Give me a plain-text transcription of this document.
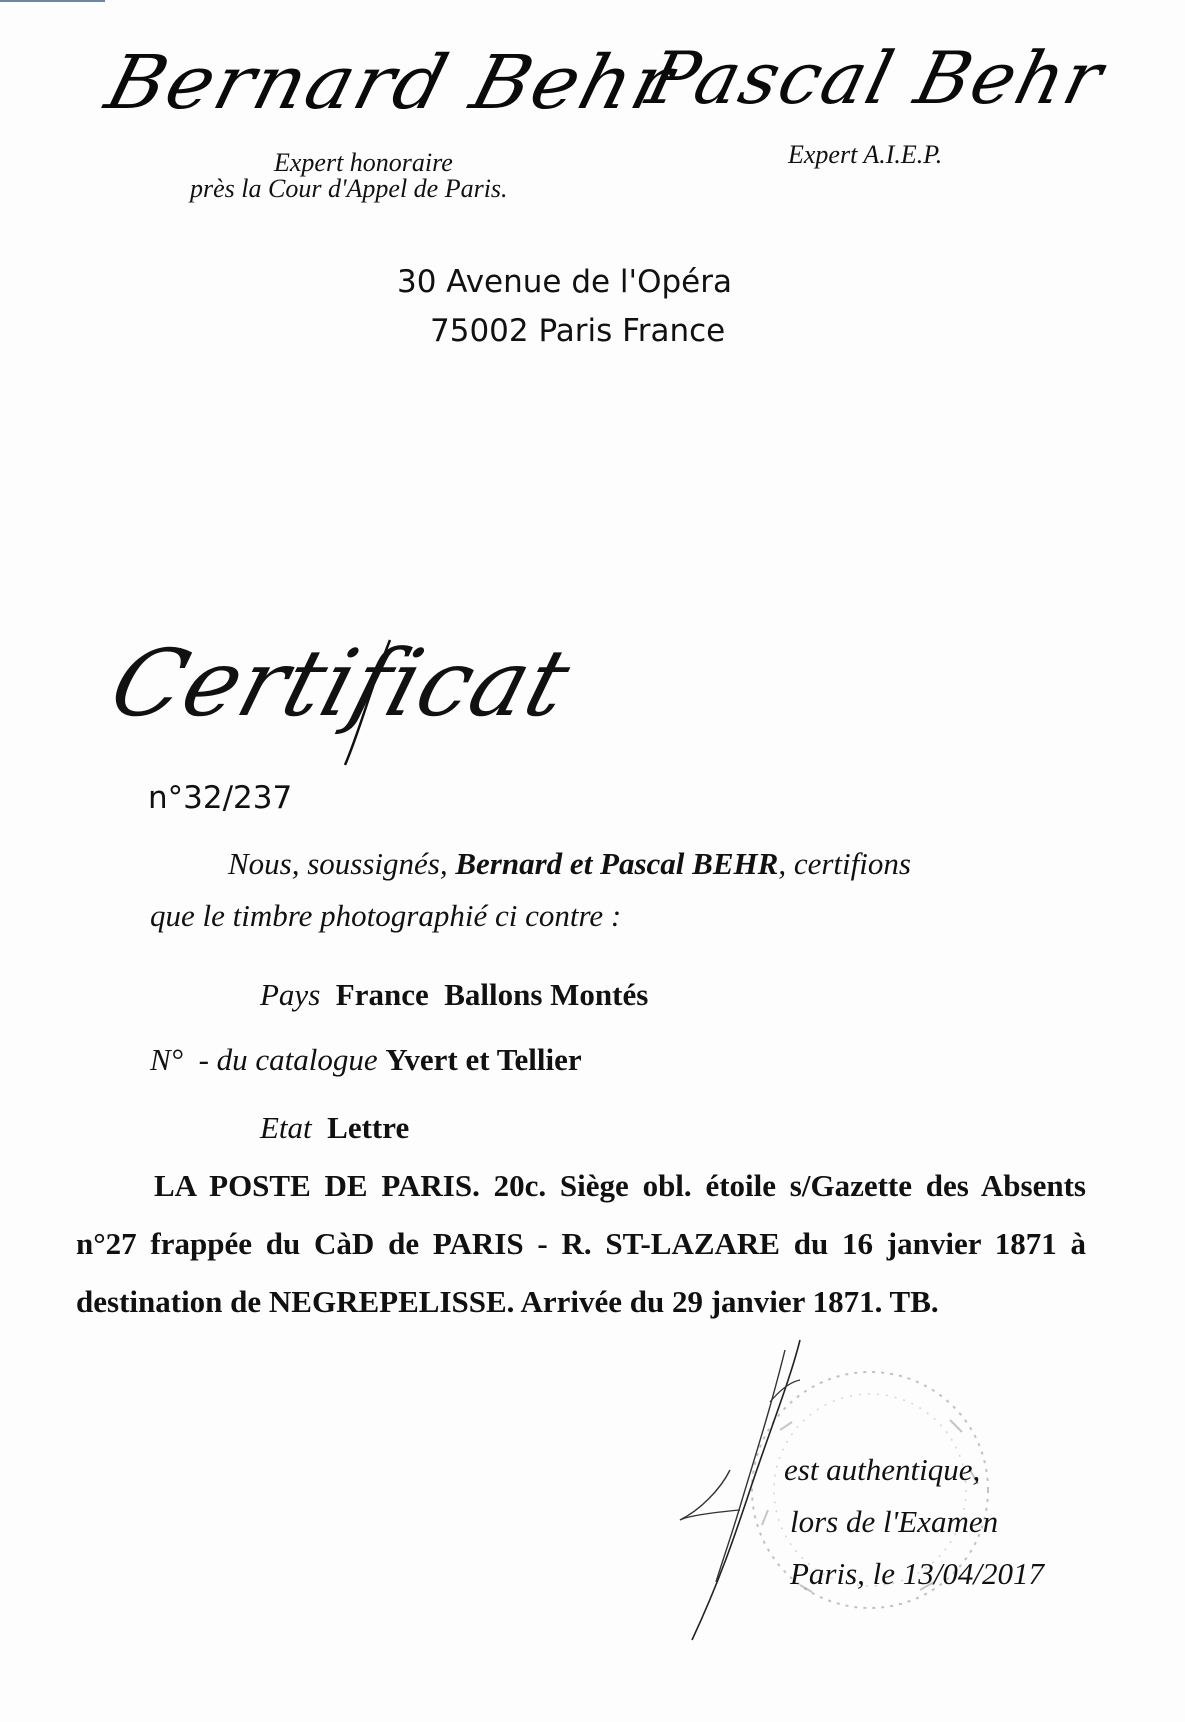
Bernard Behr
Pascal Behr
Expert honoraire
près la Cour d'Appel de Paris.
Expert A.I.E.P.
30 Avenue de l'Opéra
75002 Paris France
Certificat
n°32/237
Nous, soussignés, Bernard et Pascal BEHR, certifions
que le timbre photographié ci contre :
Pays France  Ballons Montés
N°  - du catalogue Yvert et Tellier
Etat Lettre

LA POSTE DE PARIS. 20c. Siège obl. étoile s/Gazette des Absents n°27 frappée du CàD de PARIS - R. ST-LAZARE du 16 janvier 1871 à destination de NEGREPELISSE. Arrivée du 29 janvier 1871. TB.

est authentique,
lors de l'Examen
Paris, le 13/04/2017
